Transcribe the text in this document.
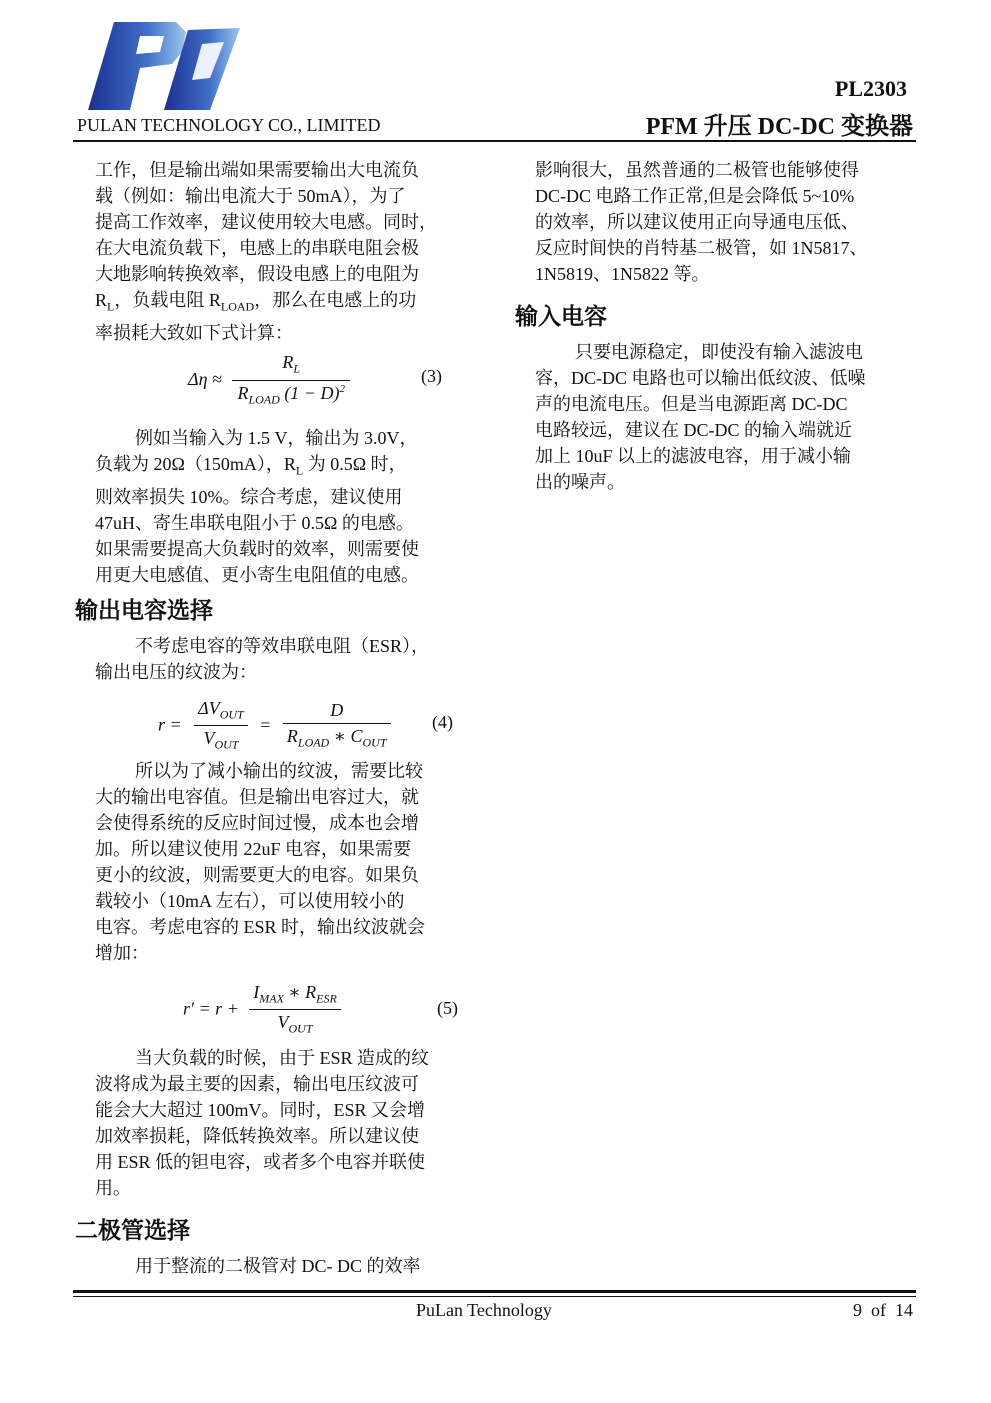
PULAN TECHNOLOGY CO., LIMITED
PL2303
PFM 升压 DC-DC 变换器
工作，但是输出端如果需要输出大电流负
载（例如：输出电流大于 50mA），为了
提高工作效率，建议使用较大电感。同时，
在大电流负载下，电感上的串联电阻会极
大地影响转换效率，假设电感上的电阻为
$R_L$，负载电阻 $R_{LOAD}$，那么在电感上的功
率损耗大致如下式计算：
$\Delta\eta \approx \frac{R_L}{R_{LOAD} (1 - D)^2}$	(3)
例如当输入为 1.5 V，输出为 3.0V，
负载为 20Ω（150mA），$R_L$ 为 0.5Ω 时，
则效率损失 10%。综合考虑，建议使用
47uH、寄生串联电阻小于 0.5Ω 的电感。
如果需要提高大负载时的效率，则需要使
用更大电感值、更小寄生电阻值的电感。
输出电容选择
不考虑电容的等效串联电阻（ESR），
输出电压的纹波为：
$r = \frac{\Delta V_{OUT}}{V_{OUT}} = \frac{D}{R_{LOAD} ∗ C_{OUT}} (4)$
所以为了减小输出的纹波，需要比较
大的输出电容值。但是输出电容过大，就
会使得系统的反应时间过慢，成本也会增
加。所以建议使用 22uF 电容，如果需要
更小的纹波，则需要更大的电容。如果负
载较小（10mA 左右），可以使用较小的
电容。考虑电容的 ESR 时，输出纹波就会
增加：
$r' = r + \frac{I_{MAX} ∗ R_{ESR}}{V_{OUT}}$	(5)
当大负载的时候，由于 ESR 造成的纹
波将成为最主要的因素，输出电压纹波可
能会大大超过 100mV。同时，ESR 又会增
加效率损耗，降低转换效率。所以建议使
用 ESR 低的钽电容，或者多个电容并联使
用。
二极管选择
用于整流的二极管对 DC- DC 的效率
影响很大，虽然普通的二极管也能够使得
DC-DC 电路工作正常,但是会降低 5~10%
的效率，所以建议使用正向导通电压低、
反应时间快的肖特基二极管，如 1N5817、
1N5819、1N5822 等。
输入电容
只要电源稳定，即使没有输入滤波电
容，DC-DC 电路也可以输出低纹波、低噪
声的电流电压。但是当电源距离 DC-DC
电路较远，建议在 DC-DC 的输入端就近
加上 10uF 以上的滤波电容，用于减小输
出的噪声。
PuLan Technology	9  of  14
